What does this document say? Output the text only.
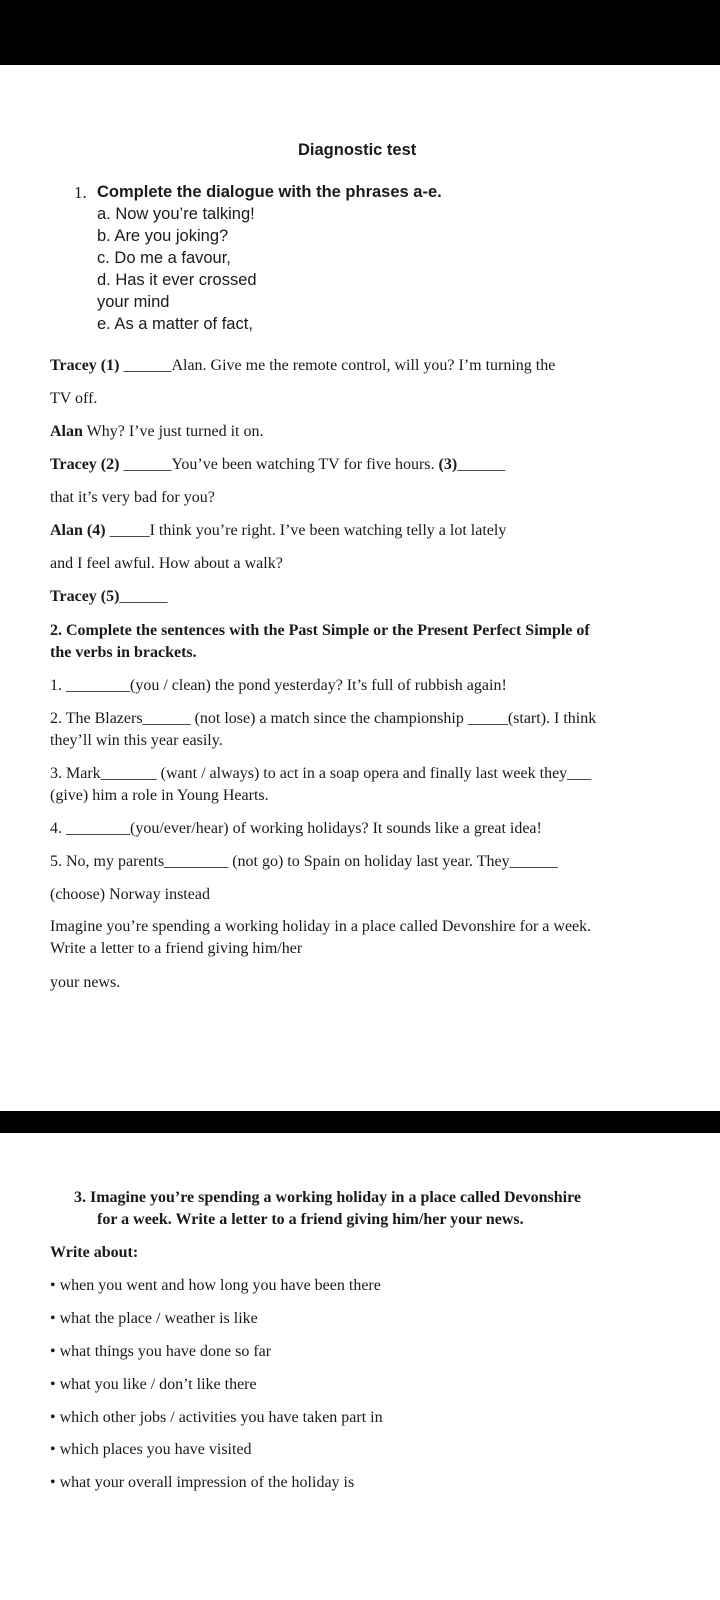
Diagnostic test
1. Complete the dialogue with the phrases a-e.
a. Now you’re talking!
b. Are you joking?
c. Do me a favour,
d. Has it ever crossed
your mind
e. As a matter of fact,
Tracey (1) ______Alan. Give me the remote control, will you? I’m turning the
TV off.
Alan Why? I’ve just turned it on.
Tracey (2) ______You’ve been watching TV for five hours. (3)______
that it’s very bad for you?
Alan (4) _____I think you’re right. I’ve been watching telly a lot lately
and I feel awful. How about a walk?
Tracey (5)______
2. Complete the sentences with the Past Simple or the Present Perfect Simple of
the verbs in brackets.
1. ________(you / clean) the pond yesterday? It’s full of rubbish again!
2. The Blazers______ (not lose) a match since the championship _____(start). I think
they’ll win this year easily.
3. Mark_______ (want / always) to act in a soap opera and finally last week they___
(give) him a role in Young Hearts.
4. ________(you/ever/hear) of working holidays? It sounds like a great idea!
5. No, my parents________ (not go) to Spain on holiday last year. They______
(choose) Norway instead
Imagine you’re spending a working holiday in a place called Devonshire for a week.
Write a letter to a friend giving him/her
your news.
3. Imagine you’re spending a working holiday in a place called Devonshire
for a week. Write a letter to a friend giving him/her your news.
Write about:
• when you went and how long you have been there
• what the place / weather is like
• what things you have done so far
• what you like / don’t like there
• which other jobs / activities you have taken part in
• which places you have visited
• what your overall impression of the holiday is
